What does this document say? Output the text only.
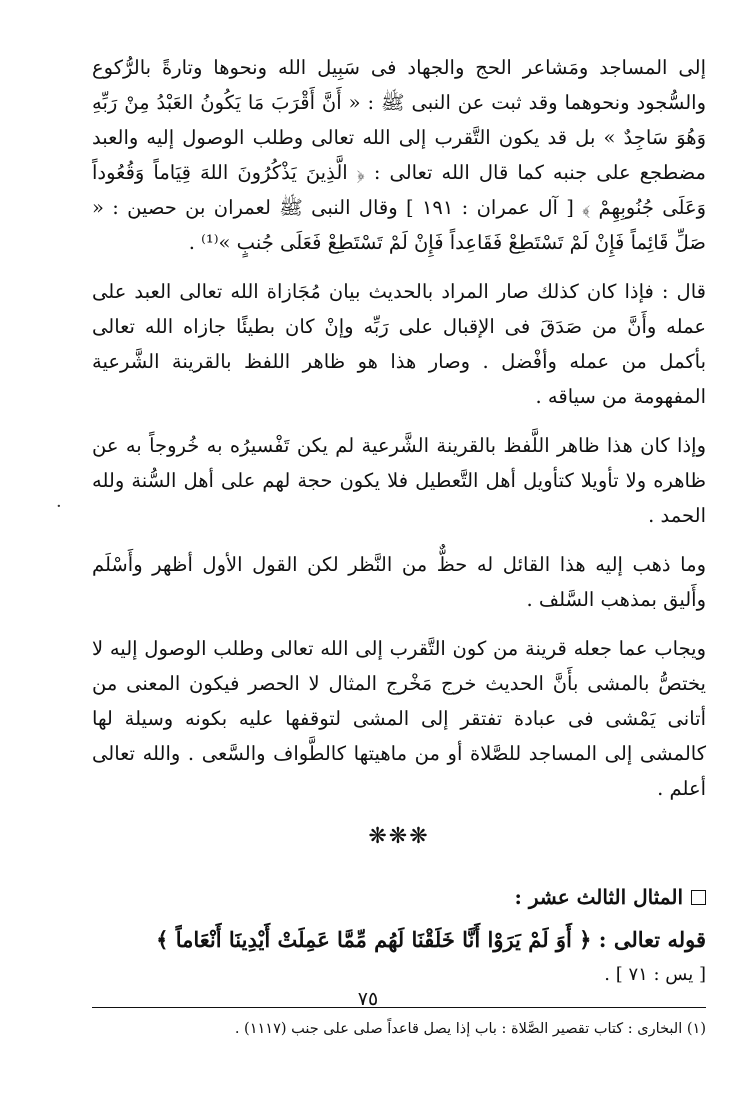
إلى المساجد ومَشاعر الحج والجهاد فى سَبِيل الله ونحوها وتارةً بالرُّكوع والسُّجود ونحوهما وقد ثبت عن النبى ﷺ : « أَنَّ أَقْرَبَ مَا يَكُونُ العَبْدُ مِنْ رَبِّهِ وَهُوَ سَاجِدٌ » بل قد يكون التَّقرب إلى الله تعالى وطلب الوصول إليه والعبد مضطجع على جنبه كما قال الله تعالى : ﴿ الَّذِينَ يَذْكُرُونَ اللهَ قِيَاماً وَقُعُوداً وَعَلَى جُنُوبِهِمْ ﴾ [ آل عمران : ١٩١ ] وقال النبى ﷺ لعمران بن حصين : « صَلِّ قَائِماً فَإِنْ لَمْ تَسْتَطِعْ فَقَاعِداً فَإِنْ لَمْ تَسْتَطِعْ فَعَلَى جُنبٍ »⁽¹⁾ .

قال : فإذا كان كذلك صار المراد بالحديث بيان مُجَازاة الله تعالى العبد على عمله وأَنَّ من صَدَقَ فى الإقبال على رَبِّه وإنْ كان بطيئًا جازاه الله تعالى بأكمل من عمله وأفْضل . وصار هذا هو ظاهر اللفظ بالقرينة الشَّرعية المفهومة من سياقه .

وإذا كان هذا ظاهر اللَّفظ بالقرينة الشَّرعية لم يكن تَفْسيرُه به خُروجاً به عن ظاهره ولا تأويلا كتأويل أهل التَّعطيل فلا يكون حجة لهم على أهل السُّنة ولله الحمد .

وما ذهب إليه هذا القائل له حظٌّ من النَّظر لكن القول الأول أظهر وأَسْلَم وأَليق بمذهب السَّلف .

ويجاب عما جعله قرينة من كون التَّقرب إلى الله تعالى وطلب الوصول إليه لا يختصُّ بالمشى بأَنَّ الحديث خرج مَخْرج المثال لا الحصر فيكون المعنى من أتانى يَمْشى فى عبادة تفتقر إلى المشى لتوقفها عليه بكونه وسيلة لها كالمشى إلى المساجد للصَّلاة أو من ماهيتها كالطَّواف والسَّعى . والله تعالى أعلم .

❋❋❋
المثال الثالث عشر :

قوله تعالى : ﴿ أَوَ لَمْ يَرَوْا أَنَّا خَلَقْنَا لَهُم مِّمَّا عَمِلَتْ أَيْدِينَا أَنْعَاماً ﴾

[ يس : ٧١ ] .

(١) البخارى : كتاب تقصير الصَّلاة : باب إذا يصل قاعداً صلى على جنب (١١١٧) .

·
٧٥
